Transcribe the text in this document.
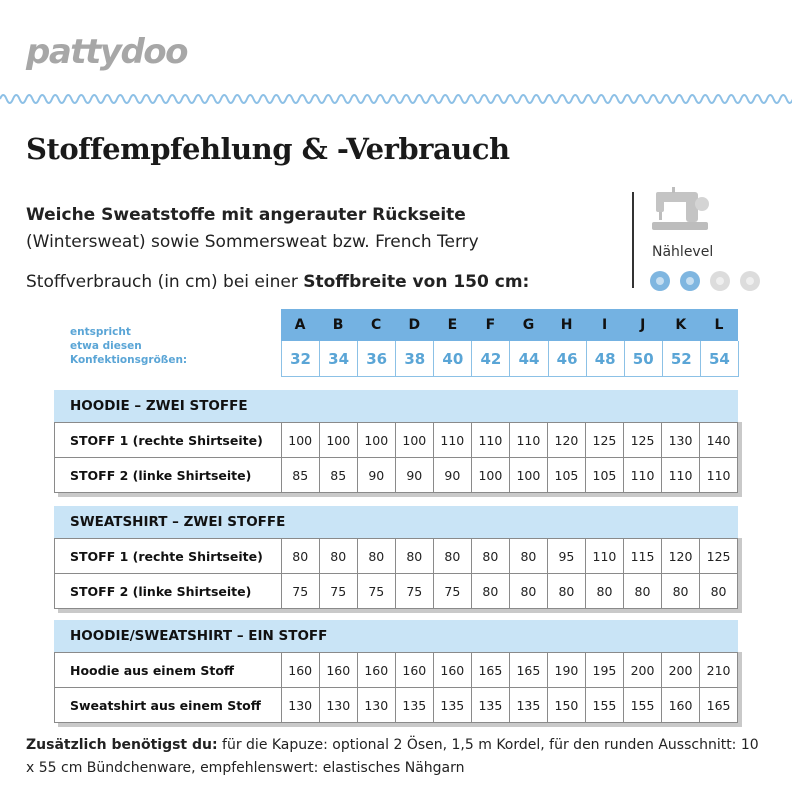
pattydoo
Stoffempfehlung & -Verbrauch
Weiche Sweatstoffe mit angerauter Rückseite
(Wintersweat) sowie Sommersweat bzw. French Terry
Stoffverbrauch (in cm) bei einer Stoffbreite von 150 cm:
Nählevel
entspricht
etwa diesen
Konfektionsgrößen:
A	B	C	D	E	F	G	H	I	J	K	L
32	34	36	38	40	42	44	46	48	50	52	54
HOODIE – ZWEI STOFFE
STOFF 1 (rechte Shirtseite)	100	100	100	100	110	110	110	120	125	125	130	140
STOFF 2 (linke Shirtseite)	85	85	90	90	90	100	100	105	105	110	110	110
SWEATSHIRT – ZWEI STOFFE
STOFF 1 (rechte Shirtseite)	80	80	80	80	80	80	80	95	110	115	120	125
STOFF 2 (linke Shirtseite)	75	75	75	75	75	80	80	80	80	80	80	80
HOODIE/SWEATSHIRT – EIN STOFF
Hoodie aus einem Stoff	160	160	160	160	160	165	165	190	195	200	200	210
Sweatshirt aus einem Stoff	130	130	130	135	135	135	135	150	155	155	160	165
Zusätzlich benötigst du: für die Kapuze: optional 2 Ösen, 1,5 m Kordel, für den runden Ausschnitt: 10 x 55 cm Bündchenware, empfehlenswert: elastisches Nähgarn
